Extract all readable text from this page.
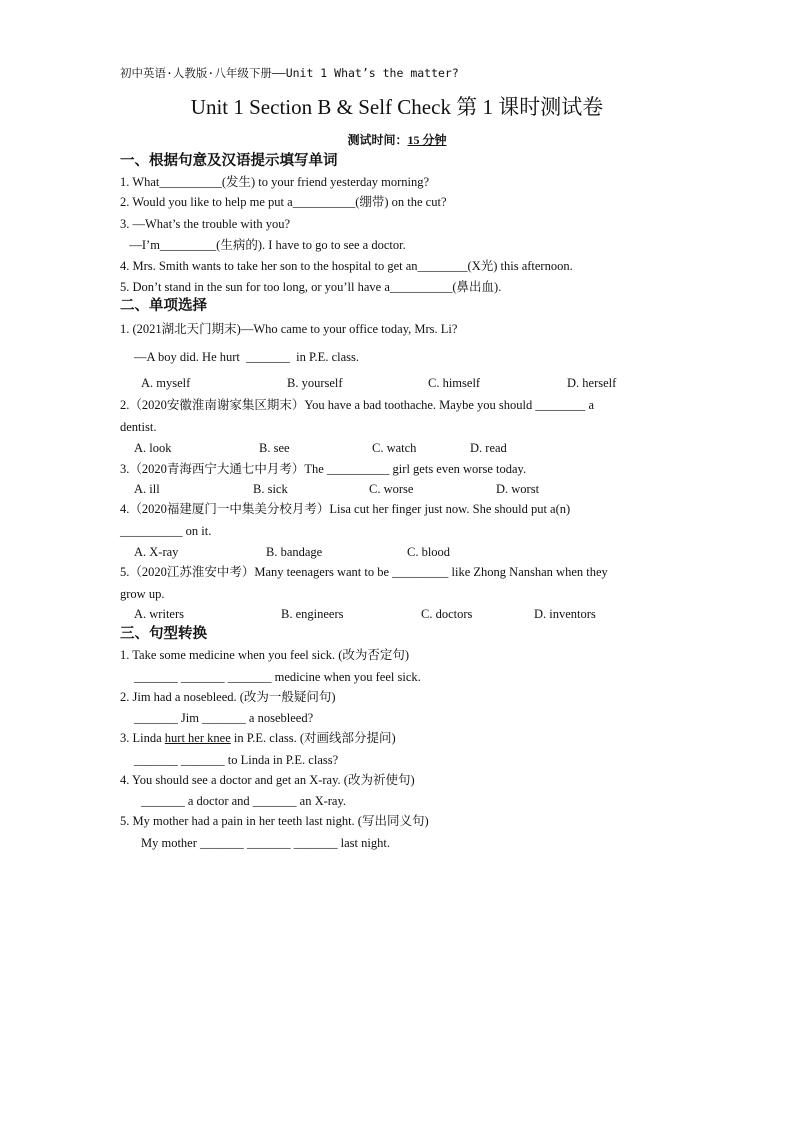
初中英语·人教版·八年级下册——Unit 1 What’s the matter?
Unit 1 Section B & Self Check 第 1 课时测试卷
测试时间：15 分钟
一、根据句意及汉语提示填写单词
1. What__________(发生) to your friend yesterday morning?
2. Would you like to help me put a__________(绷带) on the cut?
3. —What’s the trouble with you?
—I’m_________(生病的). I have to go to see a doctor.
4. Mrs. Smith wants to take her son to the hospital to get an________(X光) this afternoon.
5. Don’t stand in the sun for too long, or you’ll have a__________(鼻出血).
二、单项选择
1. (2021湖北天门期末)—Who came to your office today, Mrs. Li?
—A boy did. He hurt  _______  in P.E. class.
A. myself	B. yourself	C. himself	D. herself
2.（2020安徽淮南谢家集区期末）You have a bad toothache. Maybe you should ________ a
dentist.
A. look	B. see	C. watch	D. read
3.（2020青海西宁大通七中月考）The __________ girl gets even worse today.
A. ill	B. sick	C. worse	D. worst
4.（2020福建厦门一中集美分校月考）Lisa cut her finger just now. She should put a(n)
__________ on it.
A. X-ray	B. bandage	C. blood
5.（2020江苏淮安中考）Many teenagers want to be _________ like Zhong Nanshan when they
grow up.
A. writers	B. engineers	C. doctors	D. inventors
三、句型转换
1. Take some medicine when you feel sick. (改为否定句)
_______ _______ _______ medicine when you feel sick.
2. Jim had a nosebleed. (改为一般疑问句)
_______ Jim _______ a nosebleed?
3. Linda hurt her knee in P.E. class. (对画线部分提问)
_______ _______ to Linda in P.E. class?
4. You should see a doctor and get an X-ray. (改为祈使句)
_______ a doctor and _______ an X-ray.
5. My mother had a pain in her teeth last night. (写出同义句)
My mother _______ _______ _______ last night.
